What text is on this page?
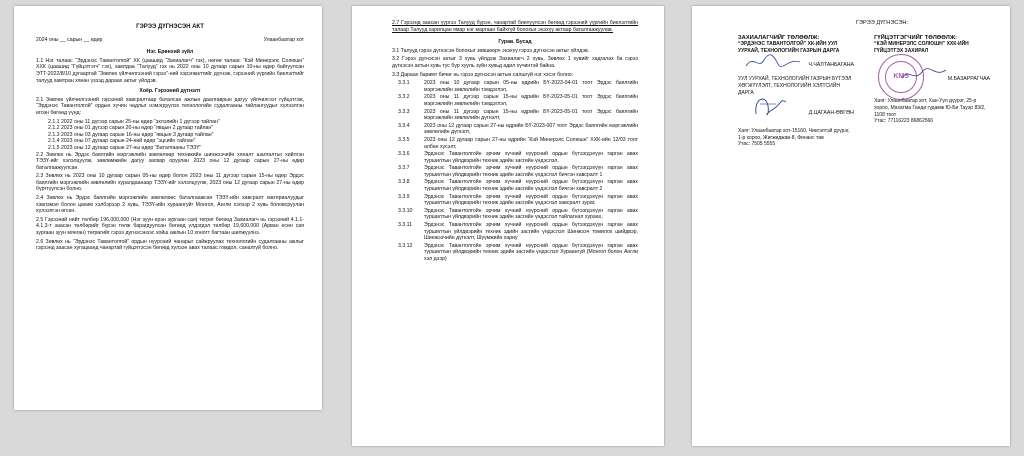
ГЭРЭЭ ДҮГНЭСЭН АКТ
2024 оны __ сарын __ өдөр	Улаанбаатар хот
Нэг. Ерөнхий зүйл

1.1 Нэг талаас “Эрдэнэс Тавантолгой” ХК (цаашид “Захиалагч” гэх), нөгөө талаас “Кэй Минерэлс Солюшн” ХХК (цаашид “Гүйцэтгэгч” гэх), хамтдаа “Талууд” гэх нь 2022 оны 10 дугаар сарын 10-ны өдөр байгуулсан ЭТТ-2022/8/10 дугаартай “Зөвлөх үйлчилгээний гэрээ”-ний хэрэгжилтийг дүгнэж, гэрээний үүргийн биелэлтийг талууд хамтран хянан үзээд дараах актыг үйлдэв.

Хоёр. Гэрээний дүгнэлт

2.1 Зөвлөх үйлчилгээний гэрээний хавсралтаар баталсан ажлын даалгаврын дагуу үйлчилгээг гүйцэтгэж, “Эрдэнэс Тавантолгой” ордын хүчин чадлыг нэмэгдүүлэх технологийн судалгааны тайлангуудыг хүлээлгэн өгсөн бөгөөд үүнд:

2.1.1 2022 оны 11 дүгээр сарын 25-ны өдөр “эхлэлийн 1 дүгээр тайлан”
2.1.2 2023 оны 01 дүгээр сарын 20-ны өдөр “явцын 2 дугаар тайлан”
2.1.3 2023 оны 03 дугаар сарын 16-ны өдөр “явцын 3 дугаар тайлан”
2.1.4 2023 оны 07 дугаар сарын 24-ний өдөр “эцсийн тайлан”
2.1.5 2023 оны 12 дугаар сарын 27-ны өдөр “Баталгааны ТЭЗҮ”

2.2 Зөвлөх нь Эрдэс баялгийн мэргэжлийн зөвлөлөөр техникийн шинжээчийн хяналт шалгалтыг хийлгэн ТЭЗҮ-ийг хэлэлцүүлж, зөвлөмжийн дагуу засвар оруулан 2023 оны 12 дугаар сарын 27-ны өдөр баталгаажуулсан.

2.3 Зөвлөх нь 2023 оны 10 дугаар сарын 05-ны өдөр болон 2023 оны 11 дүгээр сарын 15-ны өдөр Эрдэс баялгийн мэргэжлийн зөвлөлийн хуралдаанаар ТЭЗҮ-ийг хэлэлцүүлж, 2023 оны 12 дугаар сарын 27-ны өдөр бүртгүүлсэн болно.

2.4 Зөвлөх нь Эрдэс баялгийн мэргэжлийн зөвлөлөөс баталгаажсан ТЭЗҮ-ийн хавсралт материалуудыг хэвлэмэл болон цахим хэлбэрээр 2 хувь, ТЭЗҮ-ийн хураангуйг Монгол, Англи хэлээр 2 хувь боловсруулан хүлээлгэн өгсөн.

2.5 Гэрээний нийт төлбөр 196,000,000 (Нэг зуун ерэн зургаан сая) төгрөг бөгөөд Захиалагч нь гэрээний 4.1.1-4.1.3-т заасан төлбөрийг бүрэн төлж барагдуулсан бөгөөд үлдэгдэл төлбөр 19,600,000 (Арван есөн сая зургаан зуун мянган) төгрөгийг гэрээ дүгнэсэнээс хойш ажлын 10 хоногт багтаан шилжүүлнэ.

2.6 Зөвлөх нь “Эрдэнэс Тавантолгой” ордын нүүрсний чанарыг сайжруулах технологийн судалгааны ажлыг гэрээнд заасан хугацаанд чанартай гүйцэтгэсэн бөгөөд хүлээн авах талаас гомдол, саналгүй болно.

2.7 Гэрээнд заасан үүргээ Талууд бүрэн, чанартай биелүүлсэн бөгөөд гэрээний үүргийн биелэлтийн талаар Талууд харилцан ямар нэг маргаан байхгүй болохыг энэхүү актаар баталгаажуулав.

Гурав. Бусад

3.1 Талууд гэрээ дүгнэсэн болохыг зөвшөөрч энэхүү гэрээ дүгнэсэн актыг үйлдэв.

3.2 Гэрээ дүгнэсэн актыг 3 хувь үйлдэж Захиалагч 2 хувь, Зөвлөх 1 хувийг хадгалах ба гэрээ дүгнэсэн актын хувь тус бүр хууль зүйн хувьд адил хүчинтэй байна.

3.3 Дараах баримт бичиг нь гэрээ дүгнэсэн актын салшгүй нэг хэсэг болно:

3.3.1	2023 оны 10 дугаар сарын 05-ны өдрийн БҮ-2023-04-01 тоот Эрдэс баялгийн мэргэжлийн зөвлөлийн тэмдэглэл,
3.3.2	2023 оны 11 дүгээр сарын 15-ны өдрийн БҮ-2023-05-01 тоот Эрдэс баялгийн мэргэжлийн зөвлөлийн тэмдэглэл,
3.3.3	2023 оны 11 дүгээр сарын 15-ны өдрийн БҮ-2023-05-01 тоот Эрдэс баялгийн мэргэжлийн зөвлөлийн дүгнэлт,
3.3.4	2023 оны 12 дугаар сарын 27-ны өдрийн БҮ-2023-007 тоот Эрдэс баялгийн мэргэжлийн зөвлөлийн дүгнэлт,
3.3.5	2023 оны 12 дугаар сарын 27-ны өдрийн “Кэй Минерэлс Солюшн” ХХК-ийн 12/03 тоот албан хүсэлт,
3.3.6	Эрдэнэс Тавантолгойн эрчим хүчний нүүрсний ордын бүтээгдэхүүн гарган авах туршилтын үйлдвэрийн техник эдийн засгийн үндэслэл,
3.3.7	Эрдэнэс Тавантолгойн эрчим хүчний нүүрсний ордын бүтээгдэхүүн гарган авах туршилтын үйлдвэрийн техник эдийн засгийн үндэслэл бичгэн хавсралт 1
3.3.8	Эрдэнэс Тавантолгойн эрчим хүчний нүүрсний ордын бүтээгдэхүүн гарган авах туршилтын үйлдвэрийн техник эдийн засгийн үндэслэл бичгэн хавсралт 2
3.3.9	Эрдэнэс Тавантолгойн эрчим хүчний нүүрсний ордын бүтээгдэхүүн гарган авах туршилтын үйлдвэрийн техник эдийн засгийн үндэслэл хавсралт зураг,
3.3.10	Эрдэнэс Тавантолгойн эрчим хүчний нүүрсний ордын бүтээгдэхүүн гарган авах туршилтын үйлдвэрийн техник эдийн засгийн үндэслэл тайлагнал хураах,
3.3.11	Эрдэнэс Тавантолгойн эрчим хүчний нүүрсний ордын бүтээгдэхүүн гарган авах туршилтын үйлдвэрийн техник эдийн засгийн үндэслэл Шинжээч томилох шийдвэр, Шинжээчийн дүгнэлт, Шүүмжийн хариу
3.3.12	Эрдэнэс Тавантолгойн эрчим хүчний нүүрсний ордын бүтээгдэхүүн гарган авах туршилтын үйлдвэрийн техник эдийн засгийн үндэслэл Хураангуй (Монгол болон Англи хэл дээр)
ГЭРЭЭ ДҮГНЭСЭН:
ЗАХИАЛАГЧИЙГ ТӨЛӨӨЛЖ:
“ЭРДЭНЭС ТАВАНТОЛГОЙ” ХК-ИЙН УУЛ УУРХАЙ, ТЕХНОЛОГИЙН ГАЗРЫН ДАРГА
Ч.ЧАЛТАНБАГАНА
УУЛ УУРХАЙ, ТЕХНОЛОГИЙН ГАЗРЫН БҮТЭЭЛ ХӨГЖҮҮЛЭЛТ, ТЕХНОЛОГИЙН ХЭЛТСИЙН ДАРГА
Д.ЦАГААН-ӨВГӨН
Хаяг: Улаанбаатар хот-15160, Чингэлтэй дүүрэг, 1-р хороо, Жигжиджав-8, Финанс төв
Утас: 7505 5555
ГҮЙЦЭТГЭГЧИЙГ ТӨЛӨӨЛЖ:
“КЭЙ МИНЕРЭЛС СОЛЮШН” ХХК-ИЙН ГҮЙЦЭТГЭХ ЗАХИРАЛ
KMS	М.БАЗАРРАГЧАА
Хаяг: Улаанбаатар хот, Хан-Уул дүүрэг, 25-р хороо, Махатма Ганди гудамж Ю-Би Тауэр 83/2, 1108 тоот
Утас: 77116223 86862566
